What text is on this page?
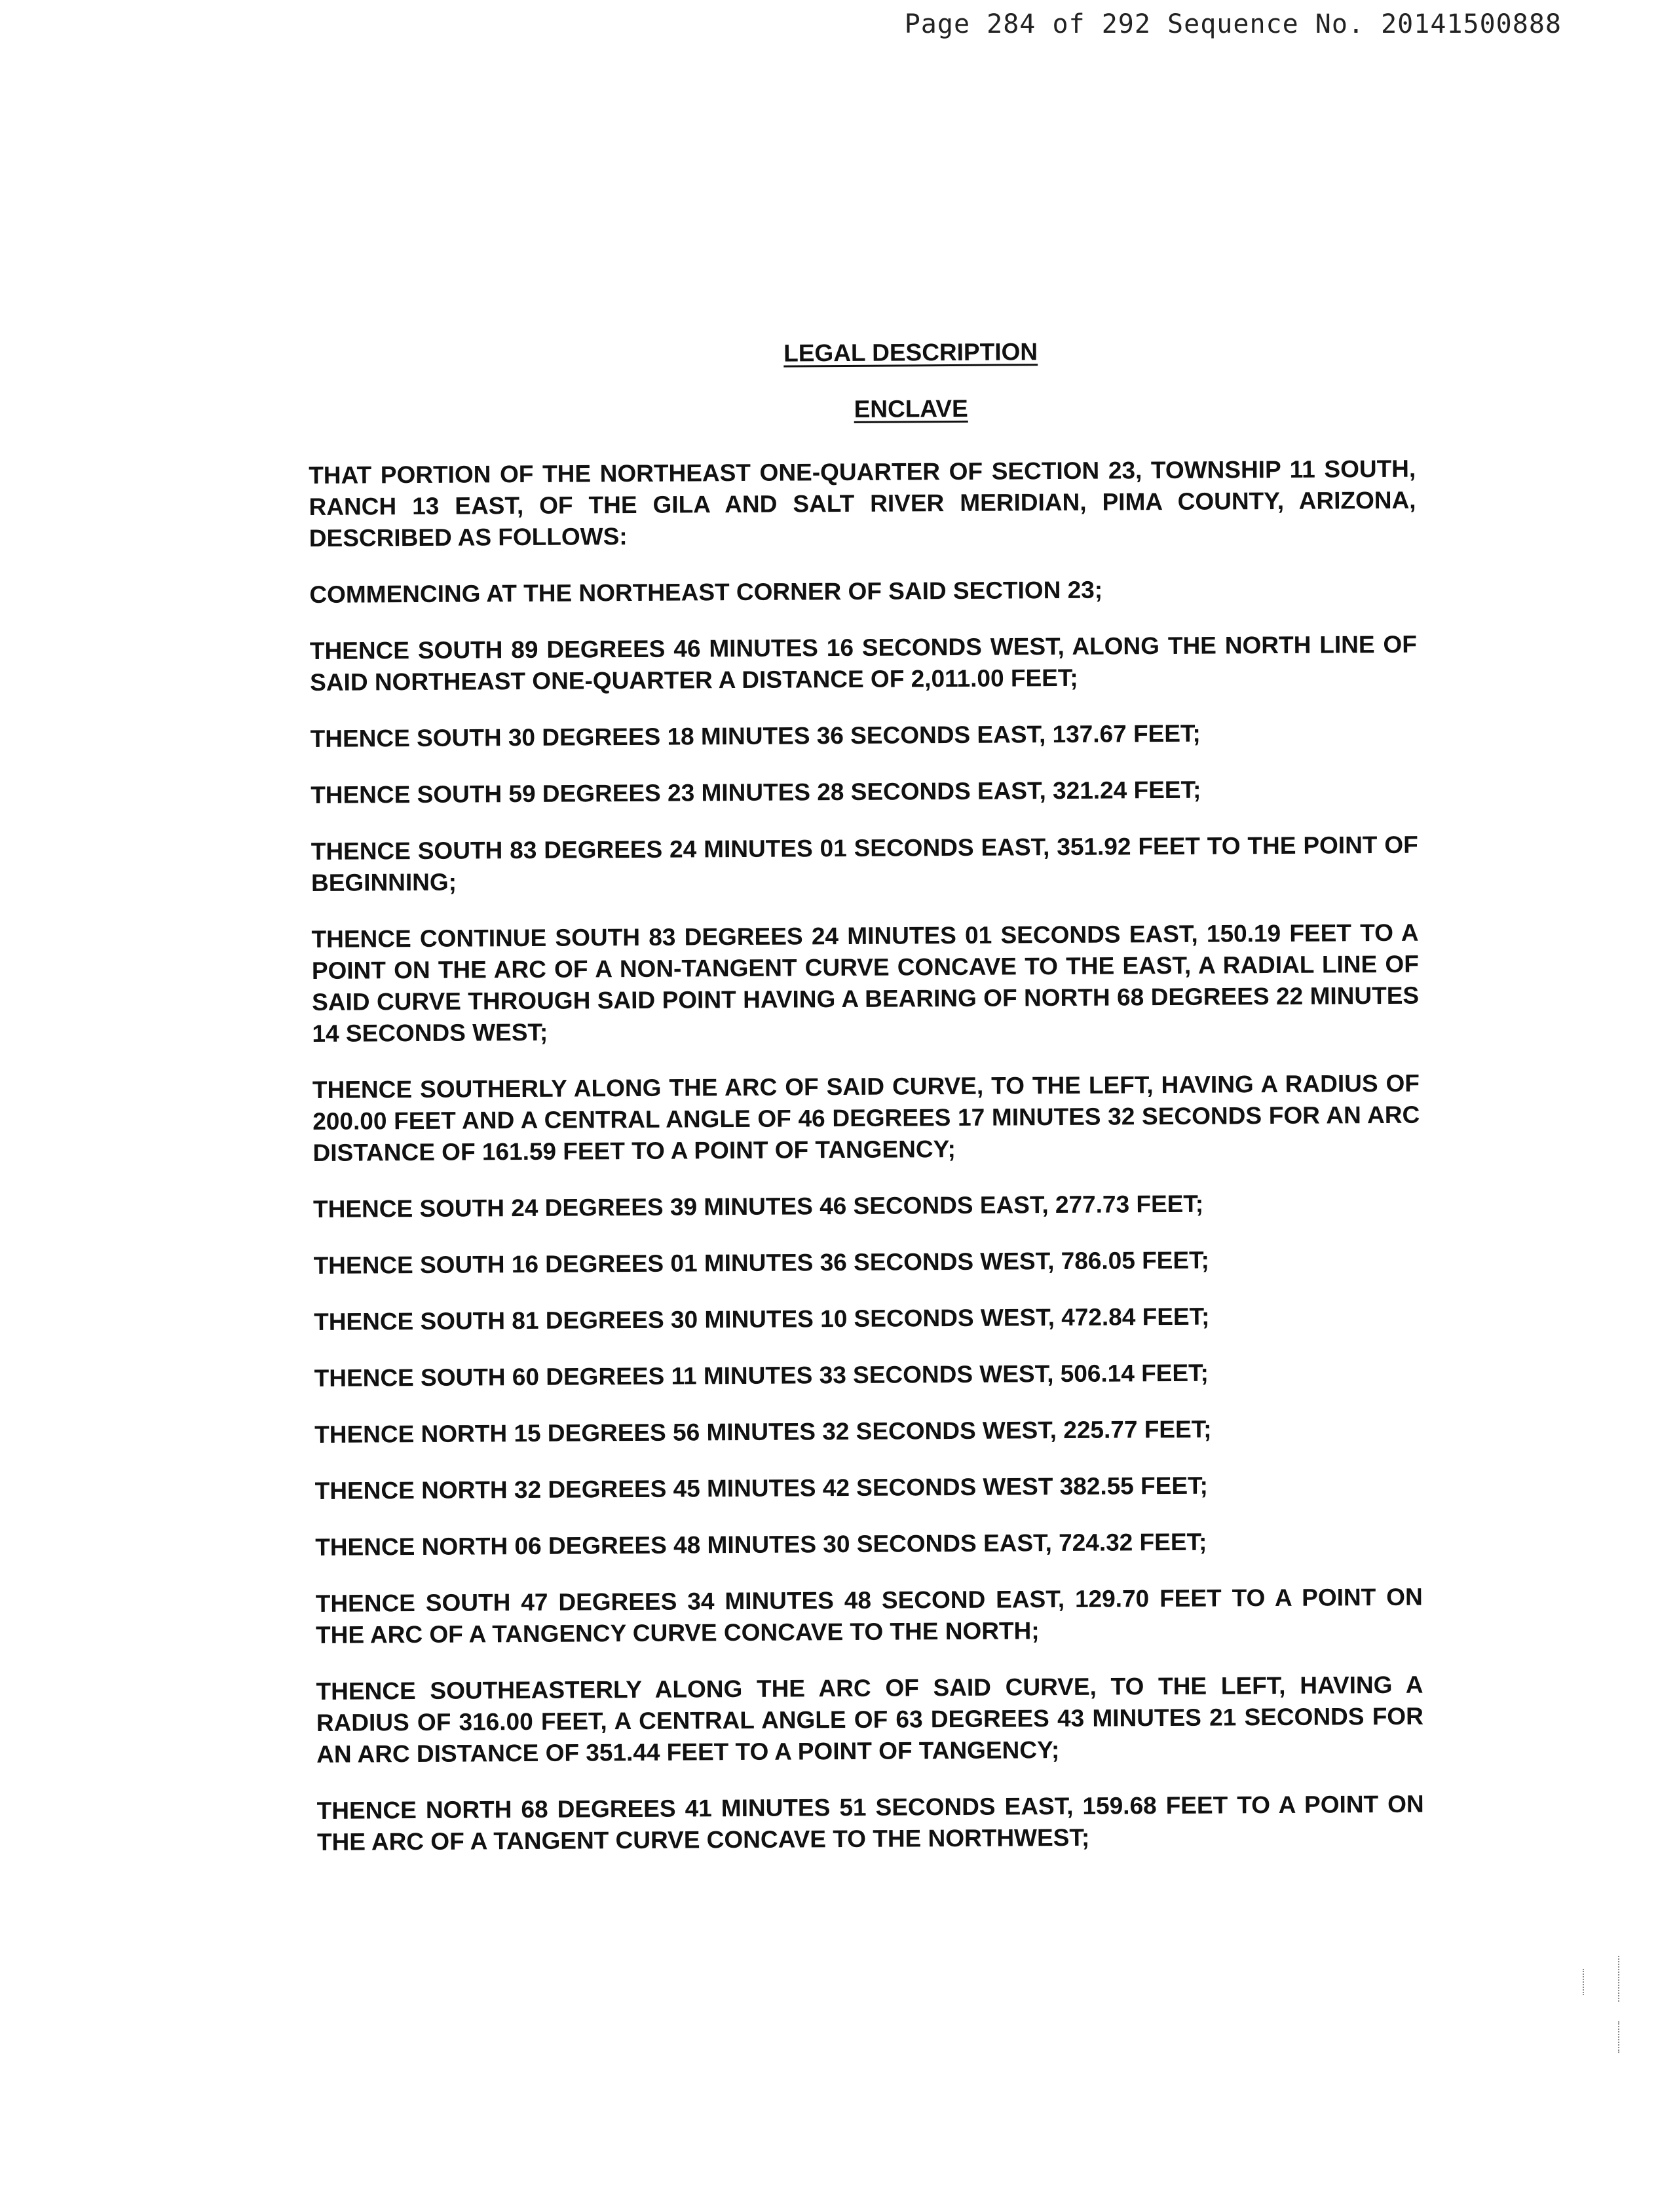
Page 284 of 292 Sequence No. 20141500888

LEGAL DESCRIPTION

ENCLAVE

THAT PORTION OF THE NORTHEAST ONE-QUARTER OF SECTION 23, TOWNSHIP 11 SOUTH, RANCH 13 EAST, OF THE GILA AND SALT RIVER MERIDIAN, PIMA COUNTY, ARIZONA, DESCRIBED AS FOLLOWS:

COMMENCING AT THE NORTHEAST CORNER OF SAID SECTION 23;

THENCE SOUTH 89 DEGREES 46 MINUTES 16 SECONDS WEST, ALONG THE NORTH LINE OF SAID NORTHEAST ONE-QUARTER A DISTANCE OF 2,011.00 FEET;

THENCE SOUTH 30 DEGREES 18 MINUTES 36 SECONDS EAST, 137.67 FEET;

THENCE SOUTH 59 DEGREES 23 MINUTES 28 SECONDS EAST, 321.24 FEET;

THENCE SOUTH 83 DEGREES 24 MINUTES 01 SECONDS EAST, 351.92 FEET TO THE POINT OF BEGINNING;

THENCE CONTINUE SOUTH 83 DEGREES 24 MINUTES 01 SECONDS EAST, 150.19 FEET TO A POINT ON THE ARC OF A NON-TANGENT CURVE CONCAVE TO THE EAST, A RADIAL LINE OF SAID CURVE THROUGH SAID POINT HAVING A BEARING OF NORTH 68 DEGREES 22 MINUTES 14 SECONDS WEST;

THENCE SOUTHERLY ALONG THE ARC OF SAID CURVE, TO THE LEFT, HAVING A RADIUS OF 200.00 FEET AND A CENTRAL ANGLE OF 46 DEGREES 17 MINUTES 32 SECONDS FOR AN ARC DISTANCE OF 161.59 FEET TO A POINT OF TANGENCY;

THENCE SOUTH 24 DEGREES 39 MINUTES 46 SECONDS EAST, 277.73 FEET;

THENCE SOUTH 16 DEGREES 01 MINUTES 36 SECONDS WEST, 786.05 FEET;

THENCE SOUTH 81 DEGREES 30 MINUTES 10 SECONDS WEST, 472.84 FEET;

THENCE SOUTH 60 DEGREES 11 MINUTES 33 SECONDS WEST, 506.14 FEET;

THENCE NORTH 15 DEGREES 56 MINUTES 32 SECONDS WEST, 225.77 FEET;

THENCE NORTH 32 DEGREES 45 MINUTES 42 SECONDS WEST 382.55 FEET;

THENCE NORTH 06 DEGREES 48 MINUTES 30 SECONDS EAST, 724.32 FEET;

THENCE SOUTH 47 DEGREES 34 MINUTES 48 SECOND EAST, 129.70 FEET TO A POINT ON THE ARC OF A TANGENCY CURVE CONCAVE TO THE NORTH;

THENCE SOUTHEASTERLY ALONG THE ARC OF SAID CURVE, TO THE LEFT, HAVING A RADIUS OF 316.00 FEET, A CENTRAL ANGLE OF 63 DEGREES 43 MINUTES 21 SECONDS FOR AN ARC DISTANCE OF 351.44 FEET TO A POINT OF TANGENCY;

THENCE NORTH 68 DEGREES 41 MINUTES 51 SECONDS EAST, 159.68 FEET TO A POINT ON THE ARC OF A TANGENT CURVE CONCAVE TO THE NORTHWEST;
